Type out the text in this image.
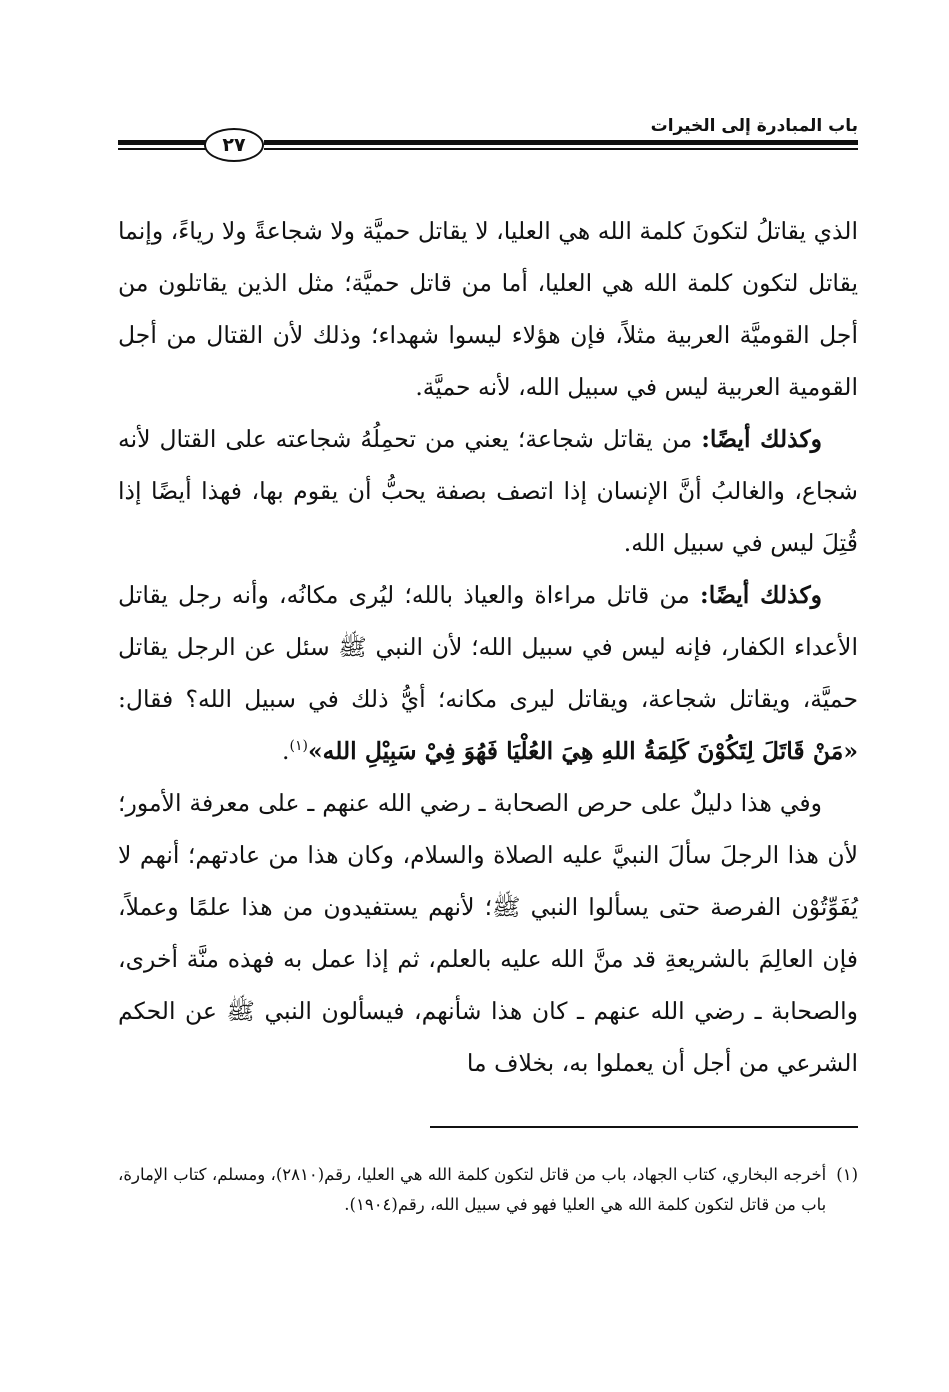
باب المبادرة إلى الخيرات
٢٧

الذي يقاتلُ لتكونَ كلمة الله هي العليا، لا يقاتل حميَّة ولا شجاعةً ولا رياءً، وإنما يقاتل لتكون كلمة الله هي العليا، أما من قاتل حميَّة؛ مثل الذين يقاتلون من أجل القوميَّة العربية مثلاً، فإن هؤلاء ليسوا شهداء؛ وذلك لأن القتال من أجل القومية العربية ليس في سبيل الله، لأنه حميَّة.

وكذلك أيضًا: من يقاتل شجاعة؛ يعني من تحمِلُهُ شجاعته على القتال لأنه شجاع، والغالبُ أنَّ الإنسان إذا اتصف بصفة يحبُّ أن يقوم بها، فهذا أيضًا إذا قُتِلَ ليس في سبيل الله.

وكذلك أيضًا: من قاتل مراءاة والعياذ بالله؛ ليُرى مكانُه، وأنه رجل يقاتل الأعداء الكفار، فإنه ليس في سبيل الله؛ لأن النبي ﷺ سئل عن الرجل يقاتل حميَّة، ويقاتل شجاعة، ويقاتل ليرى مكانه؛ أيُّ ذلك في سبيل الله؟ فقال: «مَنْ قَاتَلَ لِتَكُوْنَ كَلِمَةُ اللهِ هِيَ العُلْيَا فَهُوَ فِيْ سَبِيْلِ الله»$^{(١)}$.

وفي هذا دليلٌ على حرص الصحابة ـ رضي الله عنهم ـ على معرفة الأمور؛ لأن هذا الرجلَ سألَ النبيَّ عليه الصلاة والسلام، وكان هذا من عادتهم؛ أنهم لا يُفَوِّتُوْن الفرصة حتى يسألوا النبي ﷺ؛ لأنهم يستفيدون من هذا علمًا وعملاً، فإن العالِمَ بالشريعةِ قد منَّ الله عليه بالعلم، ثم إذا عمل به فهذه منَّة أخرى، والصحابة ـ رضي الله عنهم ـ كان هذا شأنهم، فيسألون النبي ﷺ عن الحكم الشرعي من أجل أن يعملوا به، بخلاف ما

(١)
أخرجه البخاري، كتاب الجهاد، باب من قاتل لتكون كلمة الله هي العليا، رقم(٢٨١٠)، ومسلم، كتاب الإمارة، باب من قاتل لتكون كلمة الله هي العليا فهو في سبيل الله، رقم(١٩٠٤).
